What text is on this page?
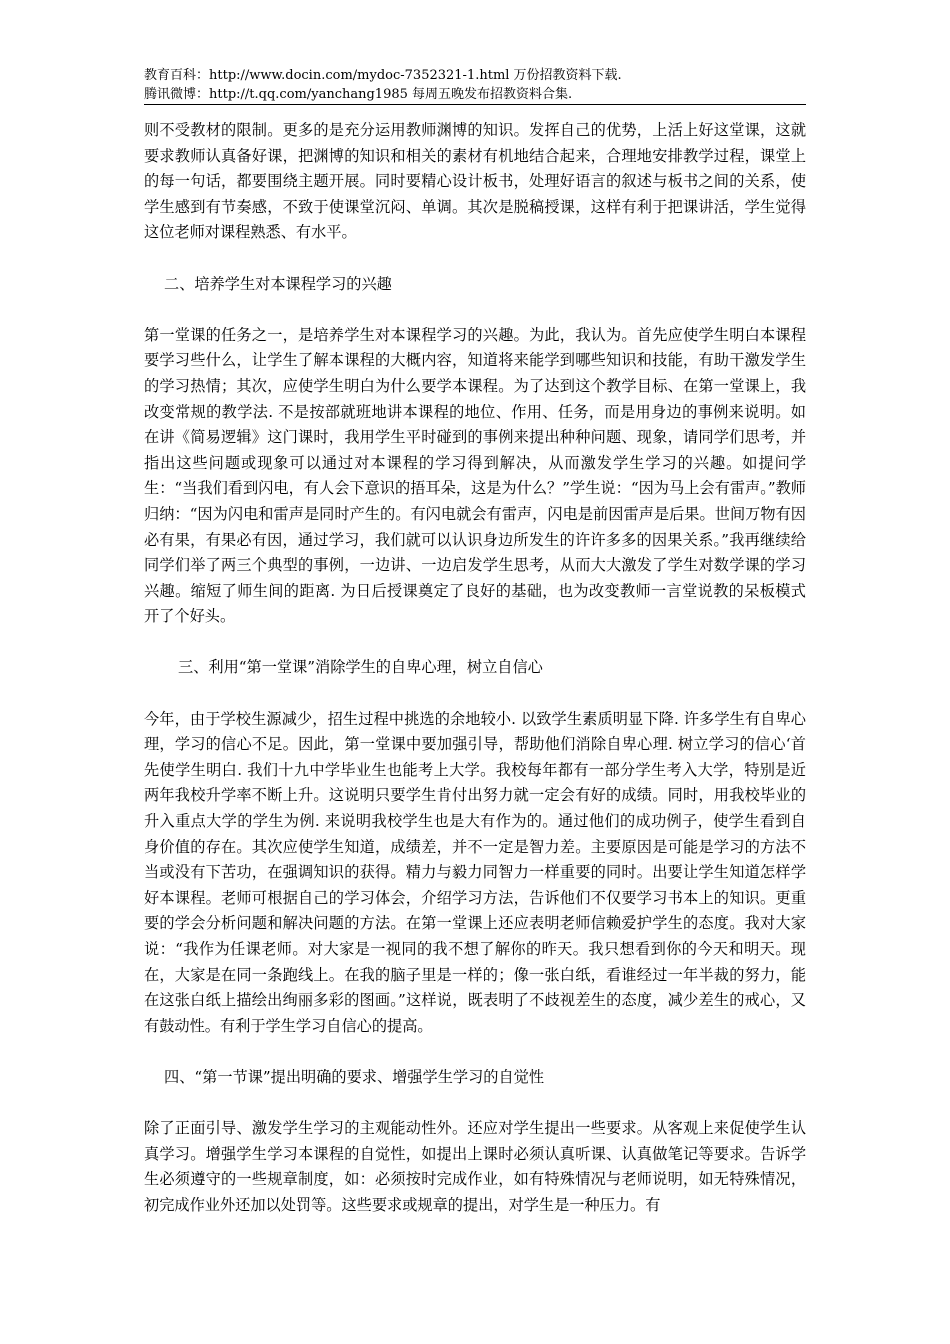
教育百科：http://www.docin.com/mydoc-7352321-1.html 万份招教资料下载.
腾讯微博：http://t.qq.com/yanchang1985 每周五晚发布招教资料合集.

则不受教材的限制。更多的是充分运用教师渊博的知识。发挥自己的优势，上活上好这堂课，这就要求教师认真备好课，把渊博的知识和相关的素材有机地结合起来，合理地安排教学过程，课堂上的每一句话，都要围绕主题开展。同时要精心设计板书，处理好语言的叙述与板书之间的关系，使学生感到有节奏感，不致于使课堂沉闷、单调。其次是脱稿授课，这样有利于把课讲活，学生觉得这位老师对课程熟悉、有水平。

二、培养学生对本课程学习的兴趣

第一堂课的任务之一，是培养学生对本课程学习的兴趣。为此，我认为。首先应使学生明白本课程要学习些什么，让学生了解本课程的大概内容，知道将来能学到哪些知识和技能，有助干激发学生的学习热情；其次，应使学生明白为什么要学本课程。为了达到这个教学目标、在第一堂课上，我改变常规的教学法. 不是按部就班地讲本课程的地位、作用、任务，而是用身边的事例来说明。如在讲《简易逻辑》这门课时，我用学生平时碰到的事例来提出种种问题、现象，请同学们思考，并指出这些问题或现象可以通过对本课程的学习得到解决，从而激发学生学习的兴趣。如提问学生：“当我们看到闪电，有人会下意识的捂耳朵，这是为什么？”学生说：“因为马上会有雷声。”教师归纳：“因为闪电和雷声是同时产生的。有闪电就会有雷声，闪电是前因雷声是后果。世间万物有因必有果，有果必有因，通过学习，我们就可以认识身边所发生的许许多多的因果关系。”我再继续给同学们举了两三个典型的事例，一边讲、一边启发学生思考，从而大大激发了学生对数学课的学习兴趣。缩短了师生间的距离. 为日后授课奠定了良好的基础，也为改变教师一言堂说教的呆板模式开了个好头。

三、利用“第一堂课”消除学生的自卑心理，树立自信心

今年，由于学校生源减少，招生过程中挑选的余地较小. 以致学生素质明显下降. 许多学生有自卑心理，学习的信心不足。因此，第一堂课中要加强引导，帮助他们消除自卑心理. 树立学习的信心‘首先使学生明白. 我们十九中学毕业生也能考上大学。我校每年都有一部分学生考入大学，特别是近两年我校升学率不断上升。这说明只要学生肯付出努力就一定会有好的成绩。同时，用我校毕业的升入重点大学的学生为例. 来说明我校学生也是大有作为的。通过他们的成功例子，使学生看到自身价值的存在。其次应使学生知道，成绩差，并不一定是智力差。主要原因是可能是学习的方法不当或没有下苦功，在强调知识的获得。精力与毅力同智力一样重要的同时。出要让学生知道怎样学好本课程。老师可根据自己的学习体会，介绍学习方法，告诉他们不仅要学习书本上的知识。更重要的学会分析问题和解决问题的方法。在第一堂课上还应表明老师信赖爱护学生的态度。我对大家说：“我作为任课老师。对大家是一视同的我不想了解你的昨天。我只想看到你的今天和明天。现在，大家是在同一条跑线上。在我的脑子里是一样的；像一张白纸，看谁经过一年半裁的努力，能在这张白纸上描绘出绚丽多彩的图画。”这样说，既表明了不歧视差生的态度，减少差生的戒心，又有鼓动性。有利于学生学习自信心的提高。

四、“第一节课”提出明确的要求、增强学生学习的自觉性

除了正面引导、激发学生学习的主观能动性外。还应对学生提出一些要求。从客观上来促使学生认真学习。增强学生学习本课程的自觉性，如提出上课时必须认真听课、认真做笔记等要求。告诉学生必须遵守的一些规章制度，如：必须按时完成作业，如有特殊情况与老师说明，如无特殊情况，初完成作业外还加以处罚等。这些要求或规章的提出，对学生是一种压力。有
